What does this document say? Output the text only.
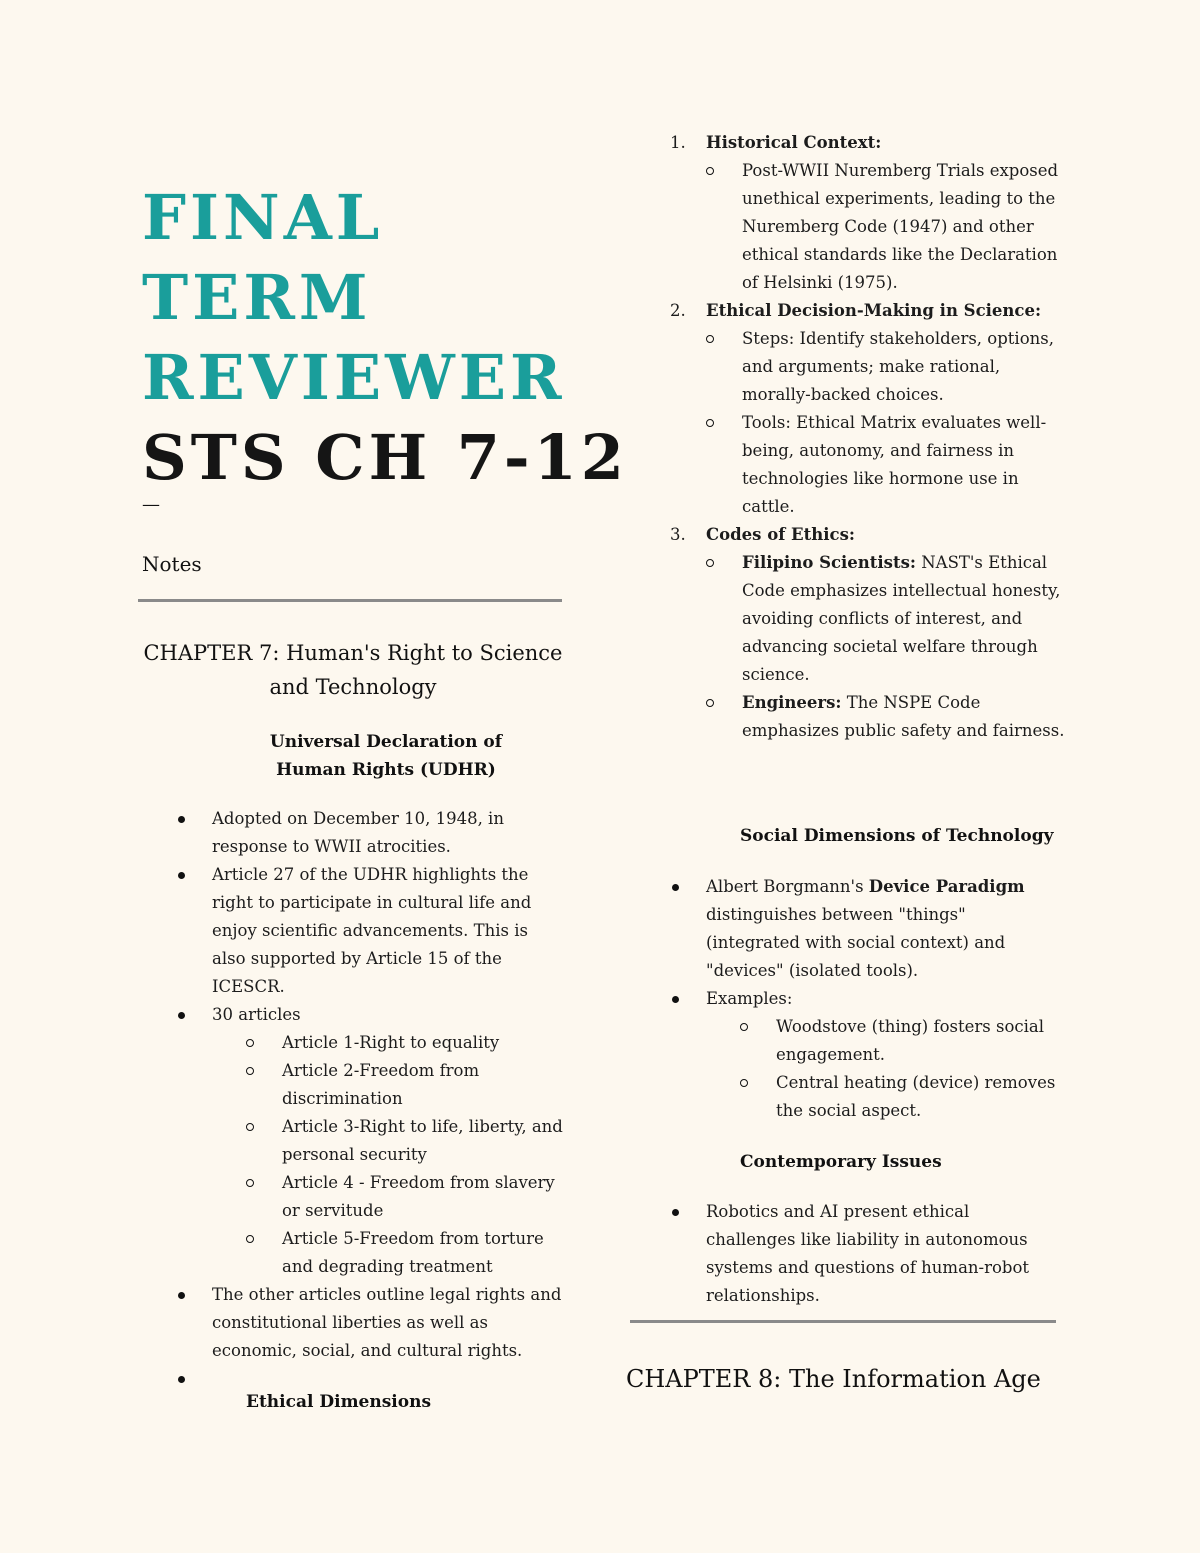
FINAL
TERM
REVIEWER
STS CH 7-12

—

Notes

CHAPTER 7: Human's Right to Science and Technology

Universal Declaration of Human Rights (UDHR)

Adopted on December 10, 1948, in response to WWII atrocities.
Article 27 of the UDHR highlights the right to participate in cultural life and enjoy scientific advancements. This is also supported by Article 15 of the ICESCR.
30 articles
Article 1-Right to equality
Article 2-Freedom from discrimination
Article 3-Right to life, liberty, and personal security
Article 4 - Freedom from slavery or servitude
Article 5-Freedom from torture and degrading treatment
The other articles outline legal rights and constitutional liberties as well as economic, social, and cultural rights.

Ethical Dimensions

1. Historical Context:
Post-WWII Nuremberg Trials exposed unethical experiments, leading to the Nuremberg Code (1947) and other ethical standards like the Declaration of Helsinki (1975).
2. Ethical Decision-Making in Science:
Steps: Identify stakeholders, options, and arguments; make rational, morally-backed choices.
Tools: Ethical Matrix evaluates well-being, autonomy, and fairness in technologies like hormone use in cattle.
3. Codes of Ethics:
Filipino Scientists: NAST's Ethical Code emphasizes intellectual honesty, avoiding conflicts of interest, and advancing societal welfare through science.
Engineers: The NSPE Code emphasizes public safety and fairness.

Social Dimensions of Technology

Albert Borgmann's Device Paradigm distinguishes between "things" (integrated with social context) and "devices" (isolated tools).
Examples:
Woodstove (thing) fosters social engagement.
Central heating (device) removes the social aspect.

Contemporary Issues

Robotics and AI present ethical challenges like liability in autonomous systems and questions of human-robot relationships.

CHAPTER 8: The Information Age
